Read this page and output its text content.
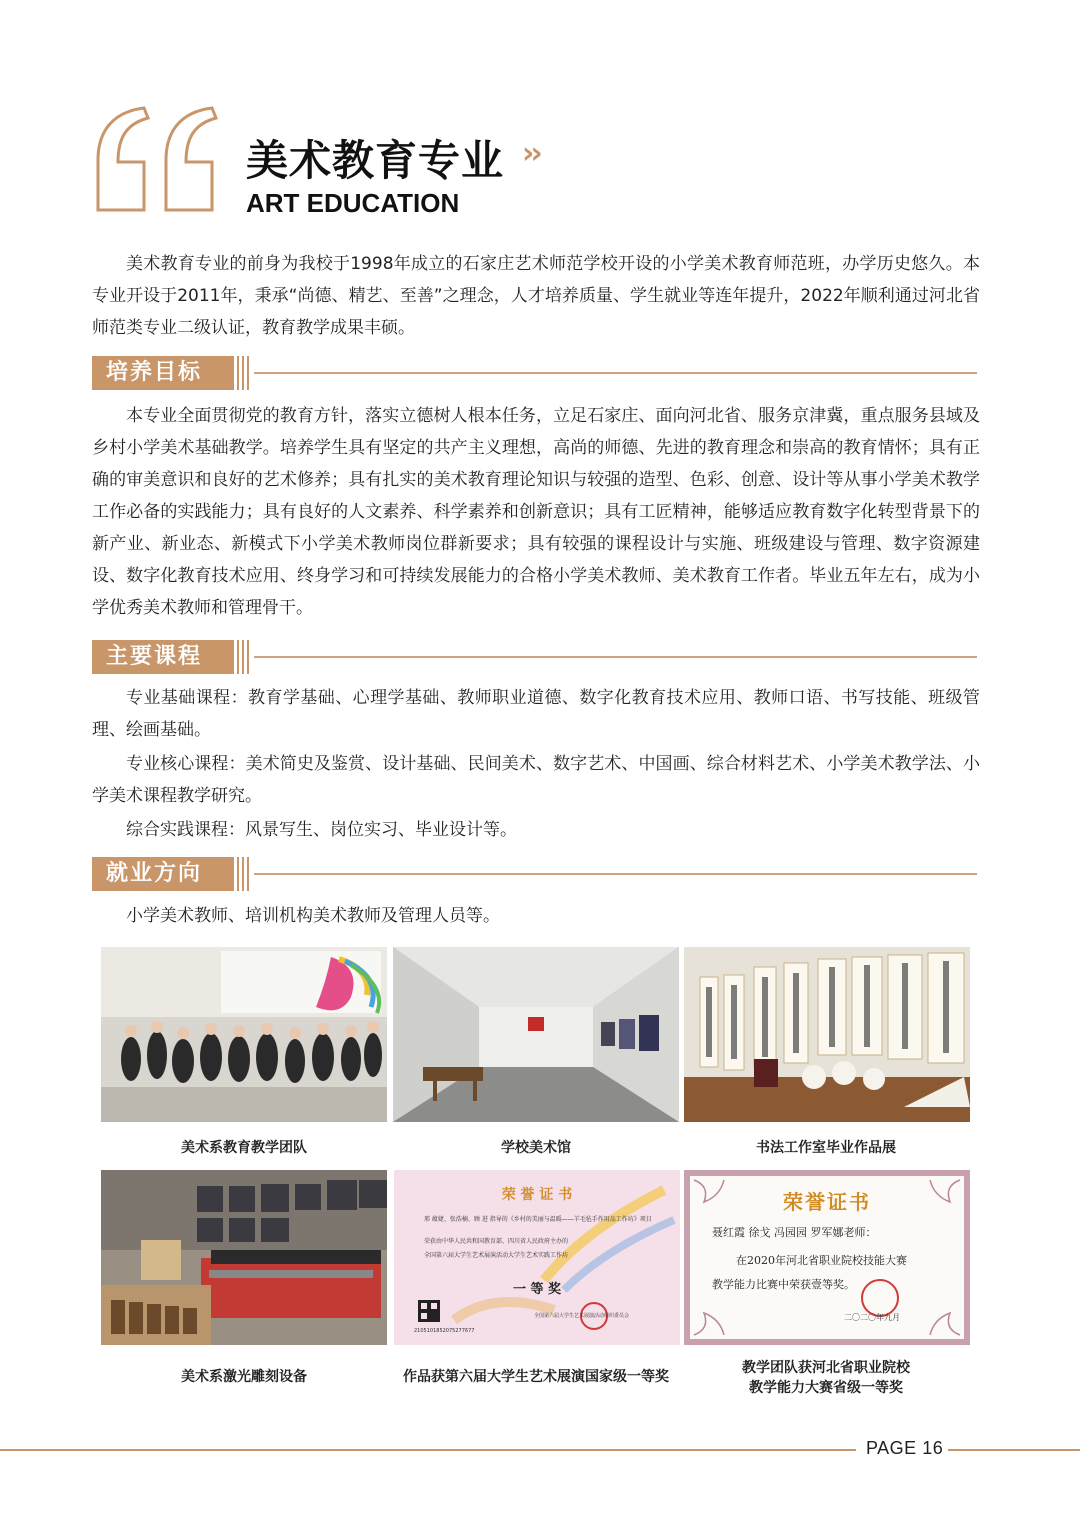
美术教育专业 ››
ART EDUCATION

美术教育专业的前身为我校于1998年成立的石家庄艺术师范学校开设的小学美术教育师范班，办学历史悠久。本专业开设于2011年，秉承“尚德、精艺、至善”之理念，人才培养质量、学生就业等连年提升，2022年顺利通过河北省师范类专业二级认证，教育教学成果丰硕。

培养目标

本专业全面贯彻党的教育方针，落实立德树人根本任务，立足石家庄、面向河北省、服务京津冀，重点服务县域及乡村小学美术基础教学。培养学生具有坚定的共产主义理想，高尚的师德、先进的教育理念和崇高的教育情怀；具有正确的审美意识和良好的艺术修养；具有扎实的美术教育理论知识与较强的造型、色彩、创意、设计等从事小学美术教学工作必备的实践能力；具有良好的人文素养、科学素养和创新意识；具有工匠精神，能够适应教育数字化转型背景下的新产业、新业态、新模式下小学美术教师岗位群新要求；具有较强的课程设计与实施、班级建设与管理、数字资源建设、数字化教育技术应用、终身学习和可持续发展能力的合格小学美术教师、美术教育工作者。毕业五年左右，成为小学优秀美术教师和管理骨干。

主要课程

专业基础课程：教育学基础、心理学基础、教师职业道德、数字化教育技术应用、教师口语、书写技能、班级管理、绘画基础。

专业核心课程：美术简史及鉴赏、设计基础、民间美术、数字艺术、中国画、综合材料艺术、小学美术教学法、小学美术课程教学研究。

综合实践课程：风景写生、岗位实习、毕业设计等。

就业方向

小学美术教师、培训机构美术教师及管理人员等。

美术系教育教学团队	学校美术馆	书法工作室毕业作品展
美术系激光雕刻设备
荣 誉 证 书
邢 蕴婕、张浩楠、顾 进 指导的《乡村的美丽与温暖——羊毛毡手作用品工作坊》项目
荣获由中华人民共和国教育部、四川省人民政府主办的
全国第六届大学生艺术展演活动大学生艺术实践工作坊
一 等 奖
全国第六届大学生艺术展演活动组织委员会
2105101852075277677
作品获第六届大学生艺术展演国家级一等奖
荣誉证书
聂红霞 徐戈 冯园园 罗军娜老师：
在2020年河北省职业院校技能大赛
教学能力比赛中荣获壹等奖。
二〇二〇年九月
教学团队获河北省职业院校教学能力大赛省级一等奖
PAGE 16
